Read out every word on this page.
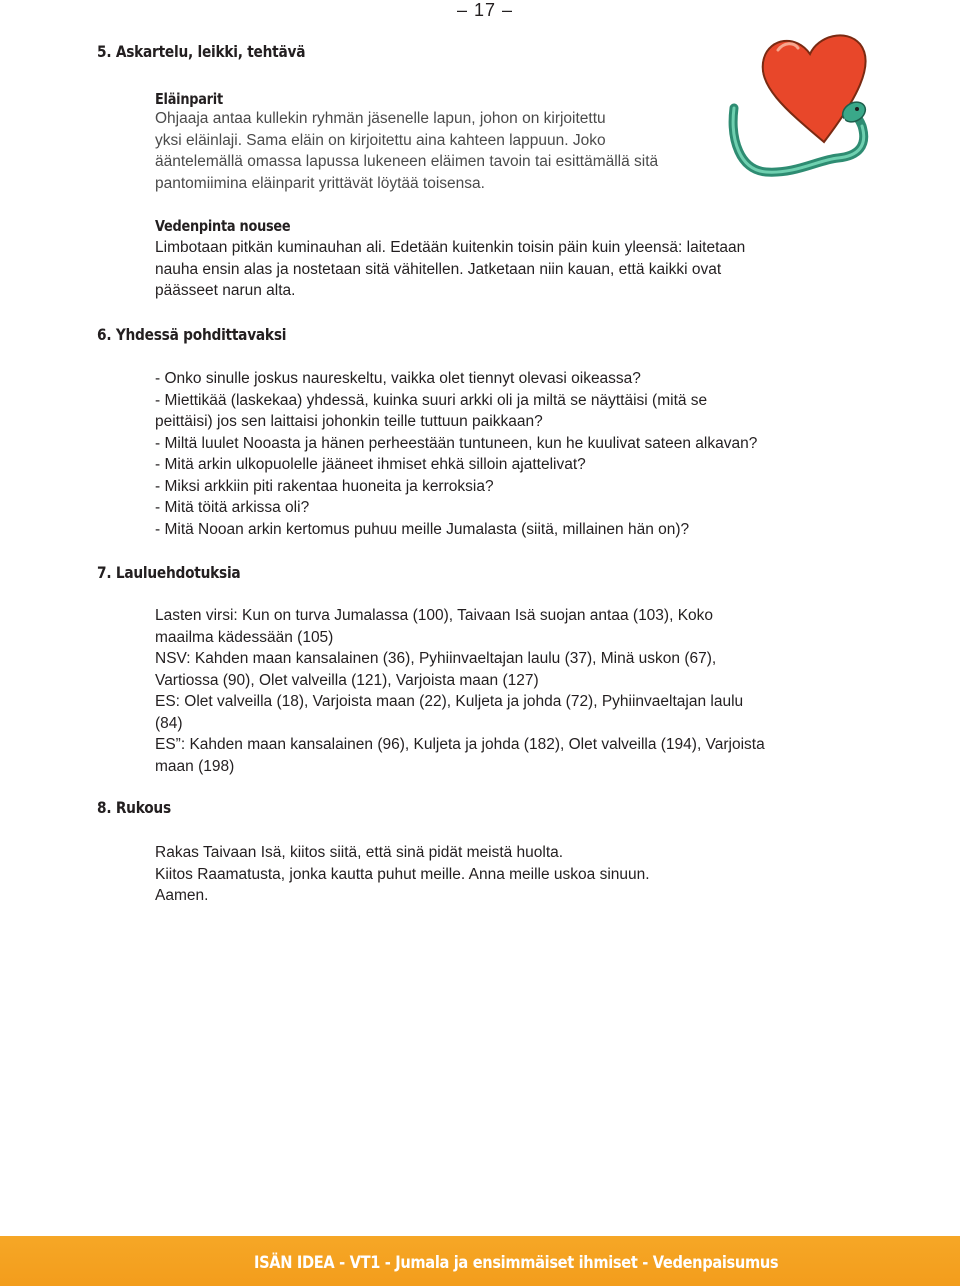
– 17 –
5. Askartelu, leikki, tehtävä
Eläinparit
Ohjaaja antaa kullekin ryhmän jäsenelle lapun, johon on kirjoitettu
yksi eläinlaji. Sama eläin on kirjoitettu aina kahteen lappuun. Joko
ääntelemällä omassa lapussa lukeneen eläimen tavoin tai esittämällä sitä
pantomiimina eläinparit yrittävät löytää toisensa.
Vedenpinta nousee
Limbotaan pitkän kuminauhan ali. Edetään kuitenkin toisin päin kuin yleensä: laitetaan
nauha ensin alas ja nostetaan sitä vähitellen. Jatketaan niin kauan, että kaikki ovat
päässeet narun alta.
6. Yhdessä pohdittavaksi
- Onko sinulle joskus naureskeltu, vaikka olet tiennyt olevasi oikeassa?
- Miettikää (laskekaa) yhdessä, kuinka suuri arkki oli ja miltä se näyttäisi (mitä se
peittäisi) jos sen laittaisi johonkin teille tuttuun paikkaan?
- Miltä luulet Nooasta ja hänen perheestään tuntuneen, kun he kuulivat sateen alkavan?
- Mitä arkin ulkopuolelle jääneet ihmiset ehkä silloin ajattelivat?
- Miksi arkkiin piti rakentaa huoneita ja kerroksia?
- Mitä töitä arkissa oli?
- Mitä Nooan arkin kertomus puhuu meille Jumalasta (siitä, millainen hän on)?
7. Lauluehdotuksia
Lasten virsi: Kun on turva Jumalassa (100), Taivaan Isä suojan antaa (103), Koko
maailma kädessään (105)
NSV: Kahden maan kansalainen (36), Pyhiinvaeltajan laulu (37), Minä uskon (67),
Vartiossa (90), Olet valveilla (121), Varjoista maan (127)
ES: Olet valveilla (18), Varjoista maan (22), Kuljeta ja johda (72), Pyhiinvaeltajan laulu
(84)
ES”: Kahden maan kansalainen (96), Kuljeta ja johda (182), Olet valveilla (194), Varjoista
maan (198)
8. Rukous
Rakas Taivaan Isä, kiitos siitä, että sinä pidät meistä huolta.
Kiitos Raamatusta, jonka kautta puhut meille. Anna meille uskoa sinuun.
Aamen.
ISÄN IDEA - VT1 - Jumala ja ensimmäiset ihmiset - Vedenpaisumus
